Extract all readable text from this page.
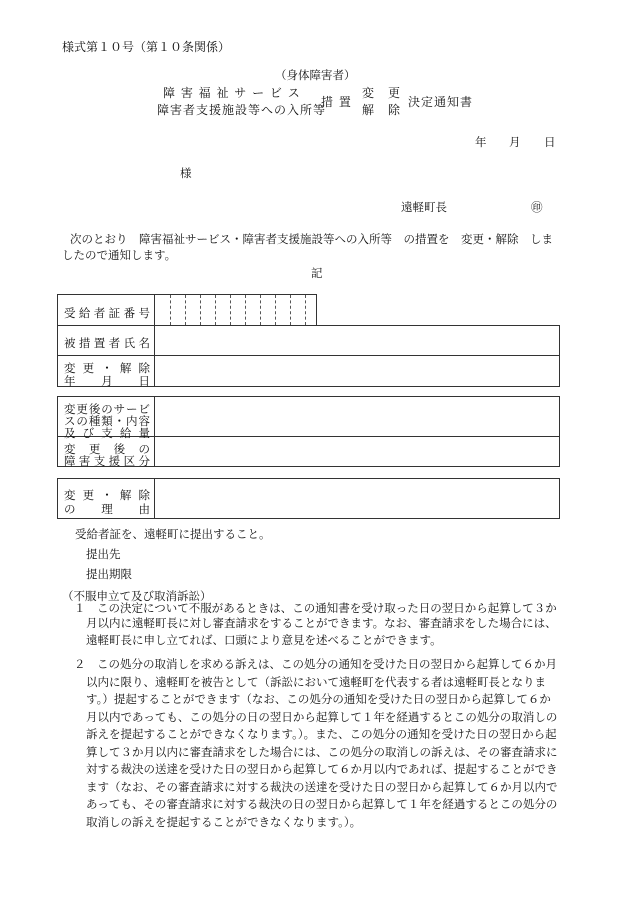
様式第１０号（第１０条関係）
（身体障害者）
障 害 福 祉 サ ー ビ ス
障害者支援施設等への入所等
措 置
変　更
解　除
決定通知書
年 月 日
様
遠軽町長	㊞
次のとおり　障害福祉サービス・障害者支援施設等への入所等　の措置を　変更・解除　しま
したので通知します。
記
受 給 者 証 番 号
被 措 置 者 氏 名
変 更 ・ 解 除
年 月 日
変 更 後 の サ ー ビ
ス の 種 類 ・ 内 容
及 び 支 給 量
変 更 後 の
障 害 支 援 区 分
変 更 ・ 解 除
の 理 由
受給者証を、遠軽町に提出すること。
提出先
提出期限
（不服申立て及び取消訴訟）
１　この決定について不服があるときは、この通知書を受け取った日の翌日から起算して３か
月以内に遠軽町長に対し審査請求をすることができます。なお、審査請求をした場合には、
遠軽町長に申し立てれば、口頭により意見を述べることができます。
２　この処分の取消しを求める訴えは、この処分の通知を受けた日の翌日から起算して６か月
以内に限り、遠軽町を被告として（訴訟において遠軽町を代表する者は遠軽町長となりま
す。）提起することができます（なお、この処分の通知を受けた日の翌日から起算して６か
月以内であっても、この処分の日の翌日から起算して１年を経過するとこの処分の取消しの
訴えを提起することができなくなります。）。また、この処分の通知を受けた日の翌日から起
算して３か月以内に審査請求をした場合には、この処分の取消しの訴えは、その審査請求に
対する裁決の送達を受けた日の翌日から起算して６か月以内であれば、提起することができ
ます（なお、その審査請求に対する裁決の送達を受けた日の翌日から起算して６か月以内で
あっても、その審査請求に対する裁決の日の翌日から起算して１年を経過するとこの処分の
取消しの訴えを提起することができなくなります。）。
